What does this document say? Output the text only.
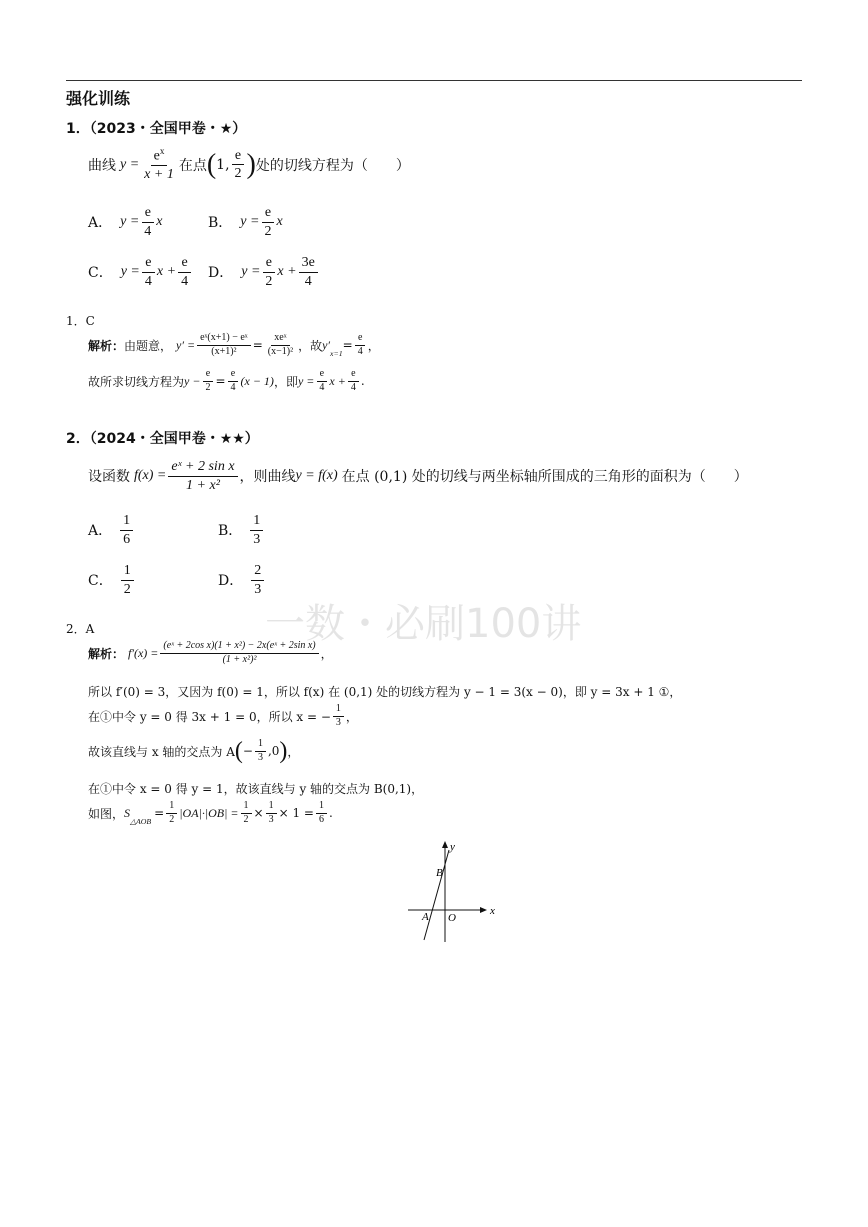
强化训练
1．（2023・全国甲卷・★）
曲线 $y = \frac{e^x}{x + 1}$ 在点 ( 1, $\frac{e}{2}$ ) 处的切线方程为（　　）
A． $y = \frac{e}{4}$ x	B． $y = \frac{e}{2}$ x
C． $y = \frac{e}{4}$ $x + \frac{e}{4}$ D． $y = \frac{e}{2}$ $x + \frac{3e}{4}$
1．C
解析： 由题意， $y' = \frac{\text{eˣ(x+1) − eˣ}}{\text{(x+1)²}} = \frac{\text{xeˣ}}{\text{(x−1)²}}$ ，故 y′
$_{x=1}$
= $\frac{e}{4}$ ，
故所求切线方程为 $y - \frac{e}{2} = \frac{e}{4} (x - 1)$ ，即 $y = \frac{e}{4}$ $x + \frac{e}{4}$ .
2．（2024・全国甲卷・★★）
设函数 $f(x) = \frac{\text{eˣ + 2 sin x}}{\text{1 + x²}}$ ，则曲线 y = f(x) 在点 (0,1) 处的切线与两坐标轴所围成的三角形的面积为（　　）
A． $\frac{1}{6}$	B． $\frac{1}{3}$
C． $\frac{1}{2}$	D． $\frac{2}{3}$
一数・必刷100讲
2．A
解析： $f'(x) = \frac{\text{(eˣ + 2cos x)(1 + x²) − 2x(eˣ + 2sin x)}}{\text{(1 + x²)²}}$ ，
所以 f′(0) = 3，又因为 f(0) = 1，所以 f(x) 在 (0,1) 处的切线方程为 y − 1 = 3(x − 0)，即 y = 3x + 1 ①，
在①中令 y = 0 得 3x + 1 = 0，所以 x = − $\frac{1}{3}$ ，
故该直线与 x 轴的交点为 A ( − $\frac{1}{3} ,0$ ) ，
在①中令 x = 0 得 y = 1，故该直线与 y 轴的交点为 B(0,1)，
如图， S
$_{\triangle AOB}$
= $\frac{1}{2} |OA|\cdot|OB| = \frac{1}{2} \times \frac{1}{3} \times 1 = \frac{1}{6}$ .
x
y
O
A
B
